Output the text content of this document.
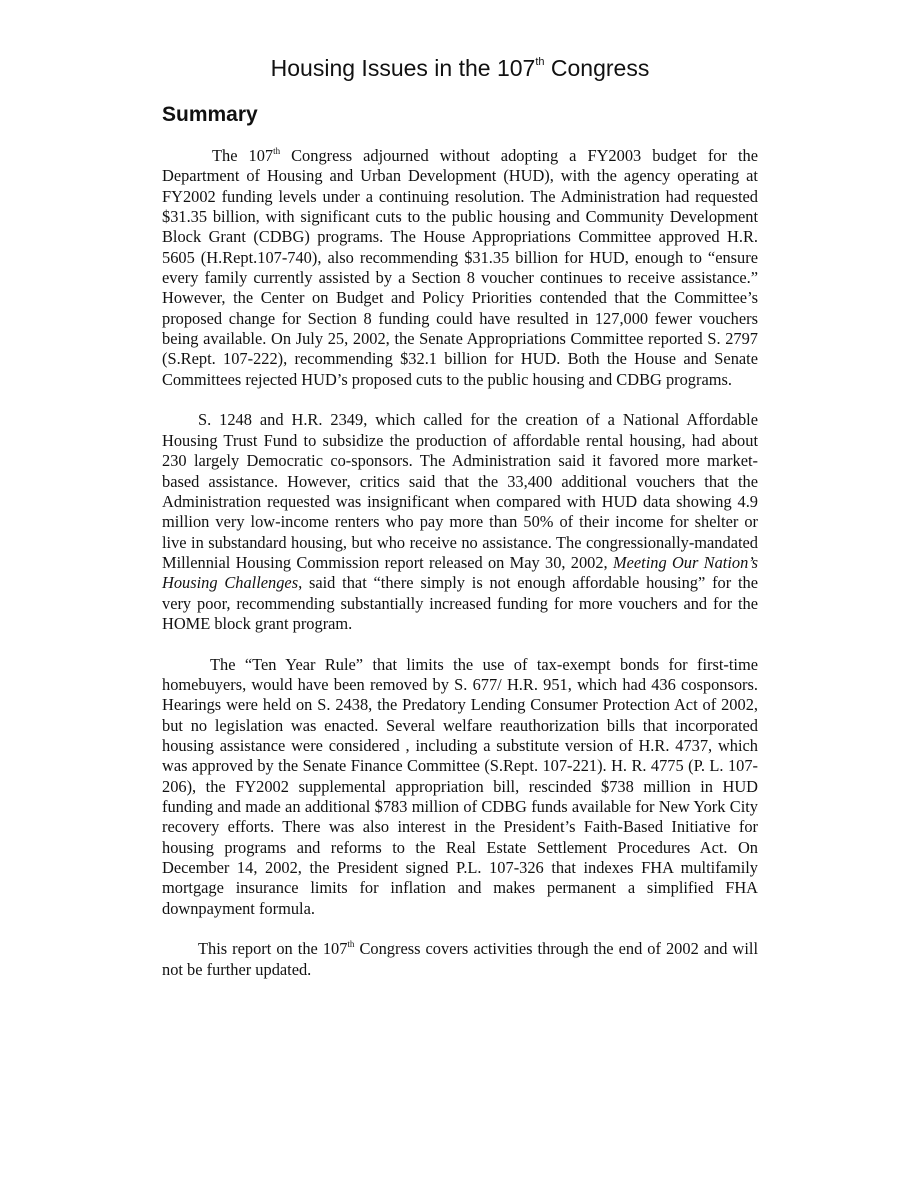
Housing Issues in the 107th Congress
Summary

The 107th Congress adjourned without adopting a FY2003 budget for the Department of Housing and Urban Development (HUD), with the agency operating at FY2002 funding levels under a continuing resolution. The Administration had requested $31.35 billion, with significant cuts to the public housing and Community Development Block Grant (CDBG) programs. The House Appropriations Committee approved H.R. 5605 (H.Rept.107-740), also recommending $31.35 billion for HUD, enough to “ensure every family currently assisted by a Section 8 voucher continues to receive assistance.” However, the Center on Budget and Policy Priorities contended that the Committee’s proposed change for Section 8 funding could have resulted in 127,000 fewer vouchers being available. On July 25, 2002, the Senate Appropriations Committee reported S. 2797 (S.Rept. 107-222), recommending $32.1 billion for HUD. Both the House and Senate Committees rejected HUD’s proposed cuts to the public housing and CDBG programs.

S. 1248 and H.R. 2349, which called for the creation of a National Affordable Housing Trust Fund to subsidize the production of affordable rental housing, had about 230 largely Democratic co-sponsors. The Administration said it favored more market-based assistance. However, critics said that the 33,400 additional vouchers that the Administration requested was insignificant when compared with HUD data showing 4.9 million very low-income renters who pay more than 50% of their income for shelter or live in substandard housing, but who receive no assistance. The congressionally-mandated Millennial Housing Commission report released on May 30, 2002, Meeting Our Nation’s Housing Challenges, said that “there simply is not enough affordable housing” for the very poor, recommending substantially increased funding for more vouchers and for the HOME block grant program.

The “Ten Year Rule” that limits the use of tax-exempt bonds for first-time homebuyers, would have been removed by S. 677/ H.R. 951, which had 436 cosponsors. Hearings were held on S. 2438, the Predatory Lending Consumer Protection Act of 2002, but no legislation was enacted. Several welfare reauthorization bills that incorporated housing assistance were considered , including a substitute version of H.R. 4737, which was approved by the Senate Finance Committee (S.Rept. 107-221). H. R. 4775 (P. L. 107-206), the FY2002 supplemental appropriation bill, rescinded $738 million in HUD funding and made an additional $783 million of CDBG funds available for New York City recovery efforts. There was also interest in the President’s Faith-Based Initiative for housing programs and reforms to the Real Estate Settlement Procedures Act. On December 14, 2002, the President signed P.L. 107-326 that indexes FHA multifamily mortgage insurance limits for inflation and makes permanent a simplified FHA downpayment formula.

This report on the 107th Congress covers activities through the end of 2002 and will not be further updated.
